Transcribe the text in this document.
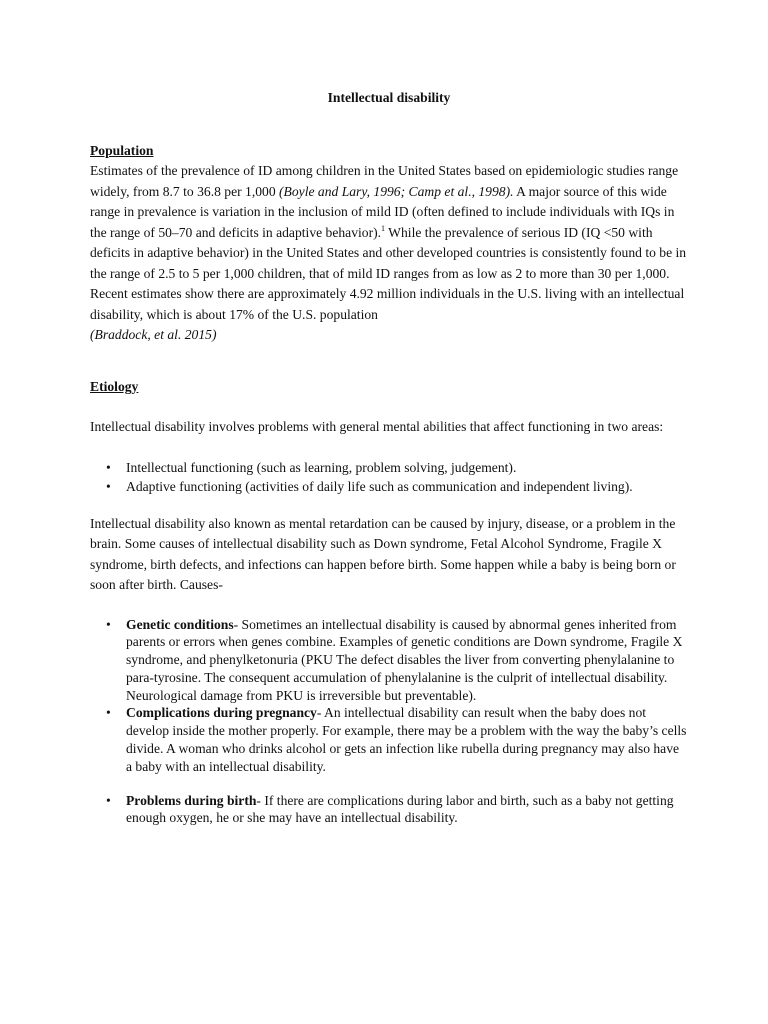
Intellectual disability

Population

Estimates of the prevalence of ID among children in the United States based on epidemiologic studies range widely, from 8.7 to 36.8 per 1,000 (Boyle and Lary, 1996; Camp et al., 1998). A major source of this wide range in prevalence is variation in the inclusion of mild ID (often defined to include individuals with IQs in the range of 50–70 and deficits in adaptive behavior).$^1$ While the prevalence of serious ID (IQ <50 with deficits in adaptive behavior) in the United States and other developed countries is consistently found to be in the range of 2.5 to 5 per 1,000 children, that of mild ID ranges from as low as 2 to more than 30 per 1,000.

Recent estimates show there are approximately 4.92 million individuals in the U.S. living with an intellectual disability, which is about 17% of the U.S. population

(Braddock, et al. 2015)

Etiology

Intellectual disability involves problems with general mental abilities that affect functioning in two areas:

• Intellectual functioning (such as learning, problem solving, judgement).
• Adaptive functioning (activities of daily life such as communication and independent living).

Intellectual disability also known as mental retardation can be caused by injury, disease, or a problem in the brain. Some causes of intellectual disability such as Down syndrome, Fetal Alcohol Syndrome, Fragile X syndrome, birth defects, and infections can happen before birth. Some happen while a baby is being born or soon after birth. Causes-

• Genetic conditions- Sometimes an intellectual disability is caused by abnormal genes inherited from parents or errors when genes combine. Examples of genetic conditions are Down syndrome, Fragile X syndrome, and phenylketonuria (PKU The defect disables the liver from converting phenylalanine to para-tyrosine. The consequent accumulation of phenylalanine is the culprit of intellectual disability. Neurological damage from PKU is irreversible but preventable).
• Complications during pregnancy- An intellectual disability can result when the baby does not develop inside the mother properly. For example, there may be a problem with the way the baby’s cells divide. A woman who drinks alcohol or gets an infection like rubella during pregnancy may also have a baby with an intellectual disability.
• Problems during birth- If there are complications during labor and birth, such as a baby not getting enough oxygen, he or she may have an intellectual disability.
